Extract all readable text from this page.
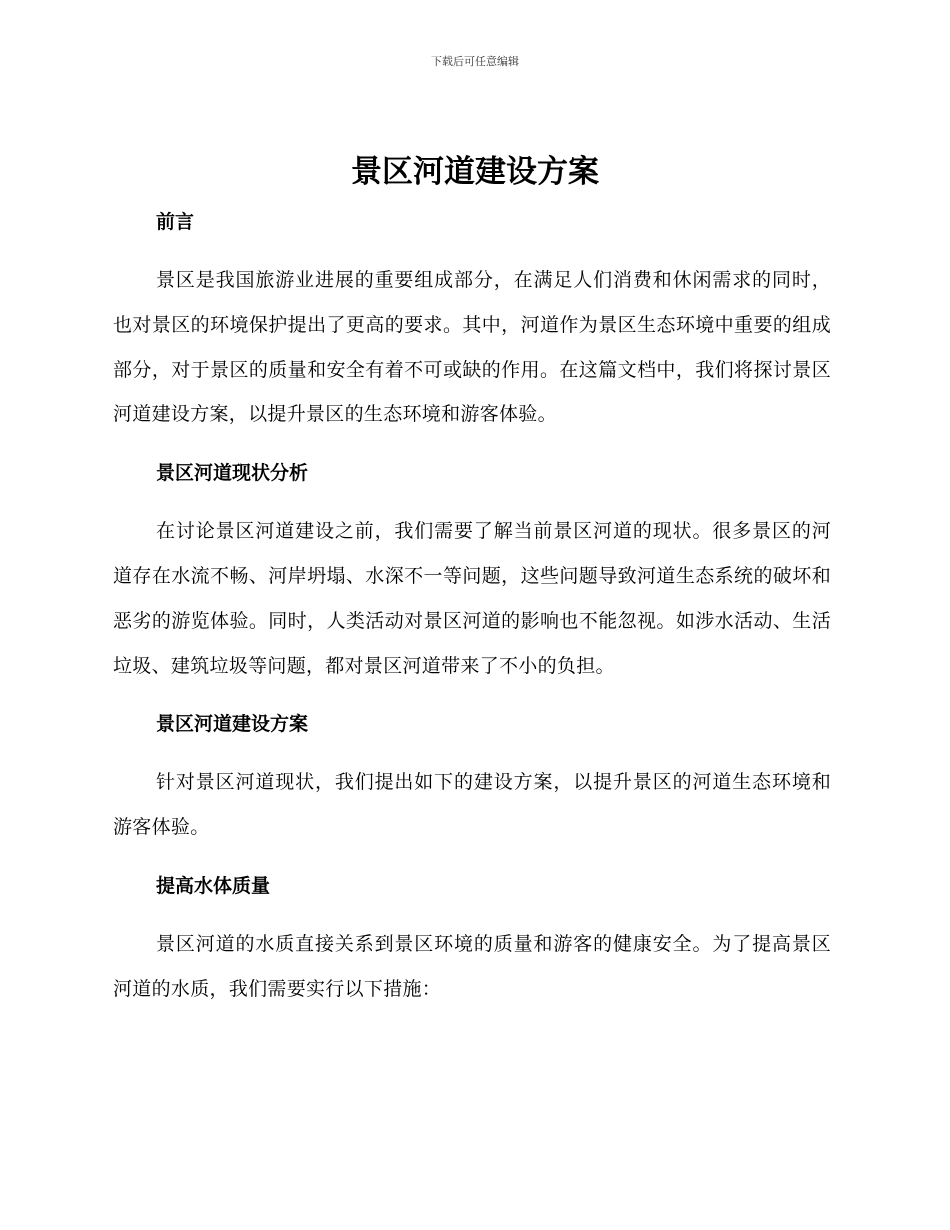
下载后可任意编辑
景区河道建设方案

前言

景区是我国旅游业进展的重要组成部分，在满足人们消费和休闲需求的同时，也对景区的环境保护提出了更高的要求。其中，河道作为景区生态环境中重要的组成部分，对于景区的质量和安全有着不可或缺的作用。在这篇文档中，我们将探讨景区河道建设方案，以提升景区的生态环境和游客体验。

景区河道现状分析

在讨论景区河道建设之前，我们需要了解当前景区河道的现状。很多景区的河道存在水流不畅、河岸坍塌、水深不一等问题，这些问题导致河道生态系统的破坏和恶劣的游览体验。同时，人类活动对景区河道的影响也不能忽视。如涉水活动、生活垃圾、建筑垃圾等问题，都对景区河道带来了不小的负担。

景区河道建设方案

针对景区河道现状，我们提出如下的建设方案，以提升景区的河道生态环境和游客体验。

提高水体质量

景区河道的水质直接关系到景区环境的质量和游客的健康安全。为了提高景区河道的水质，我们需要实行以下措施：
